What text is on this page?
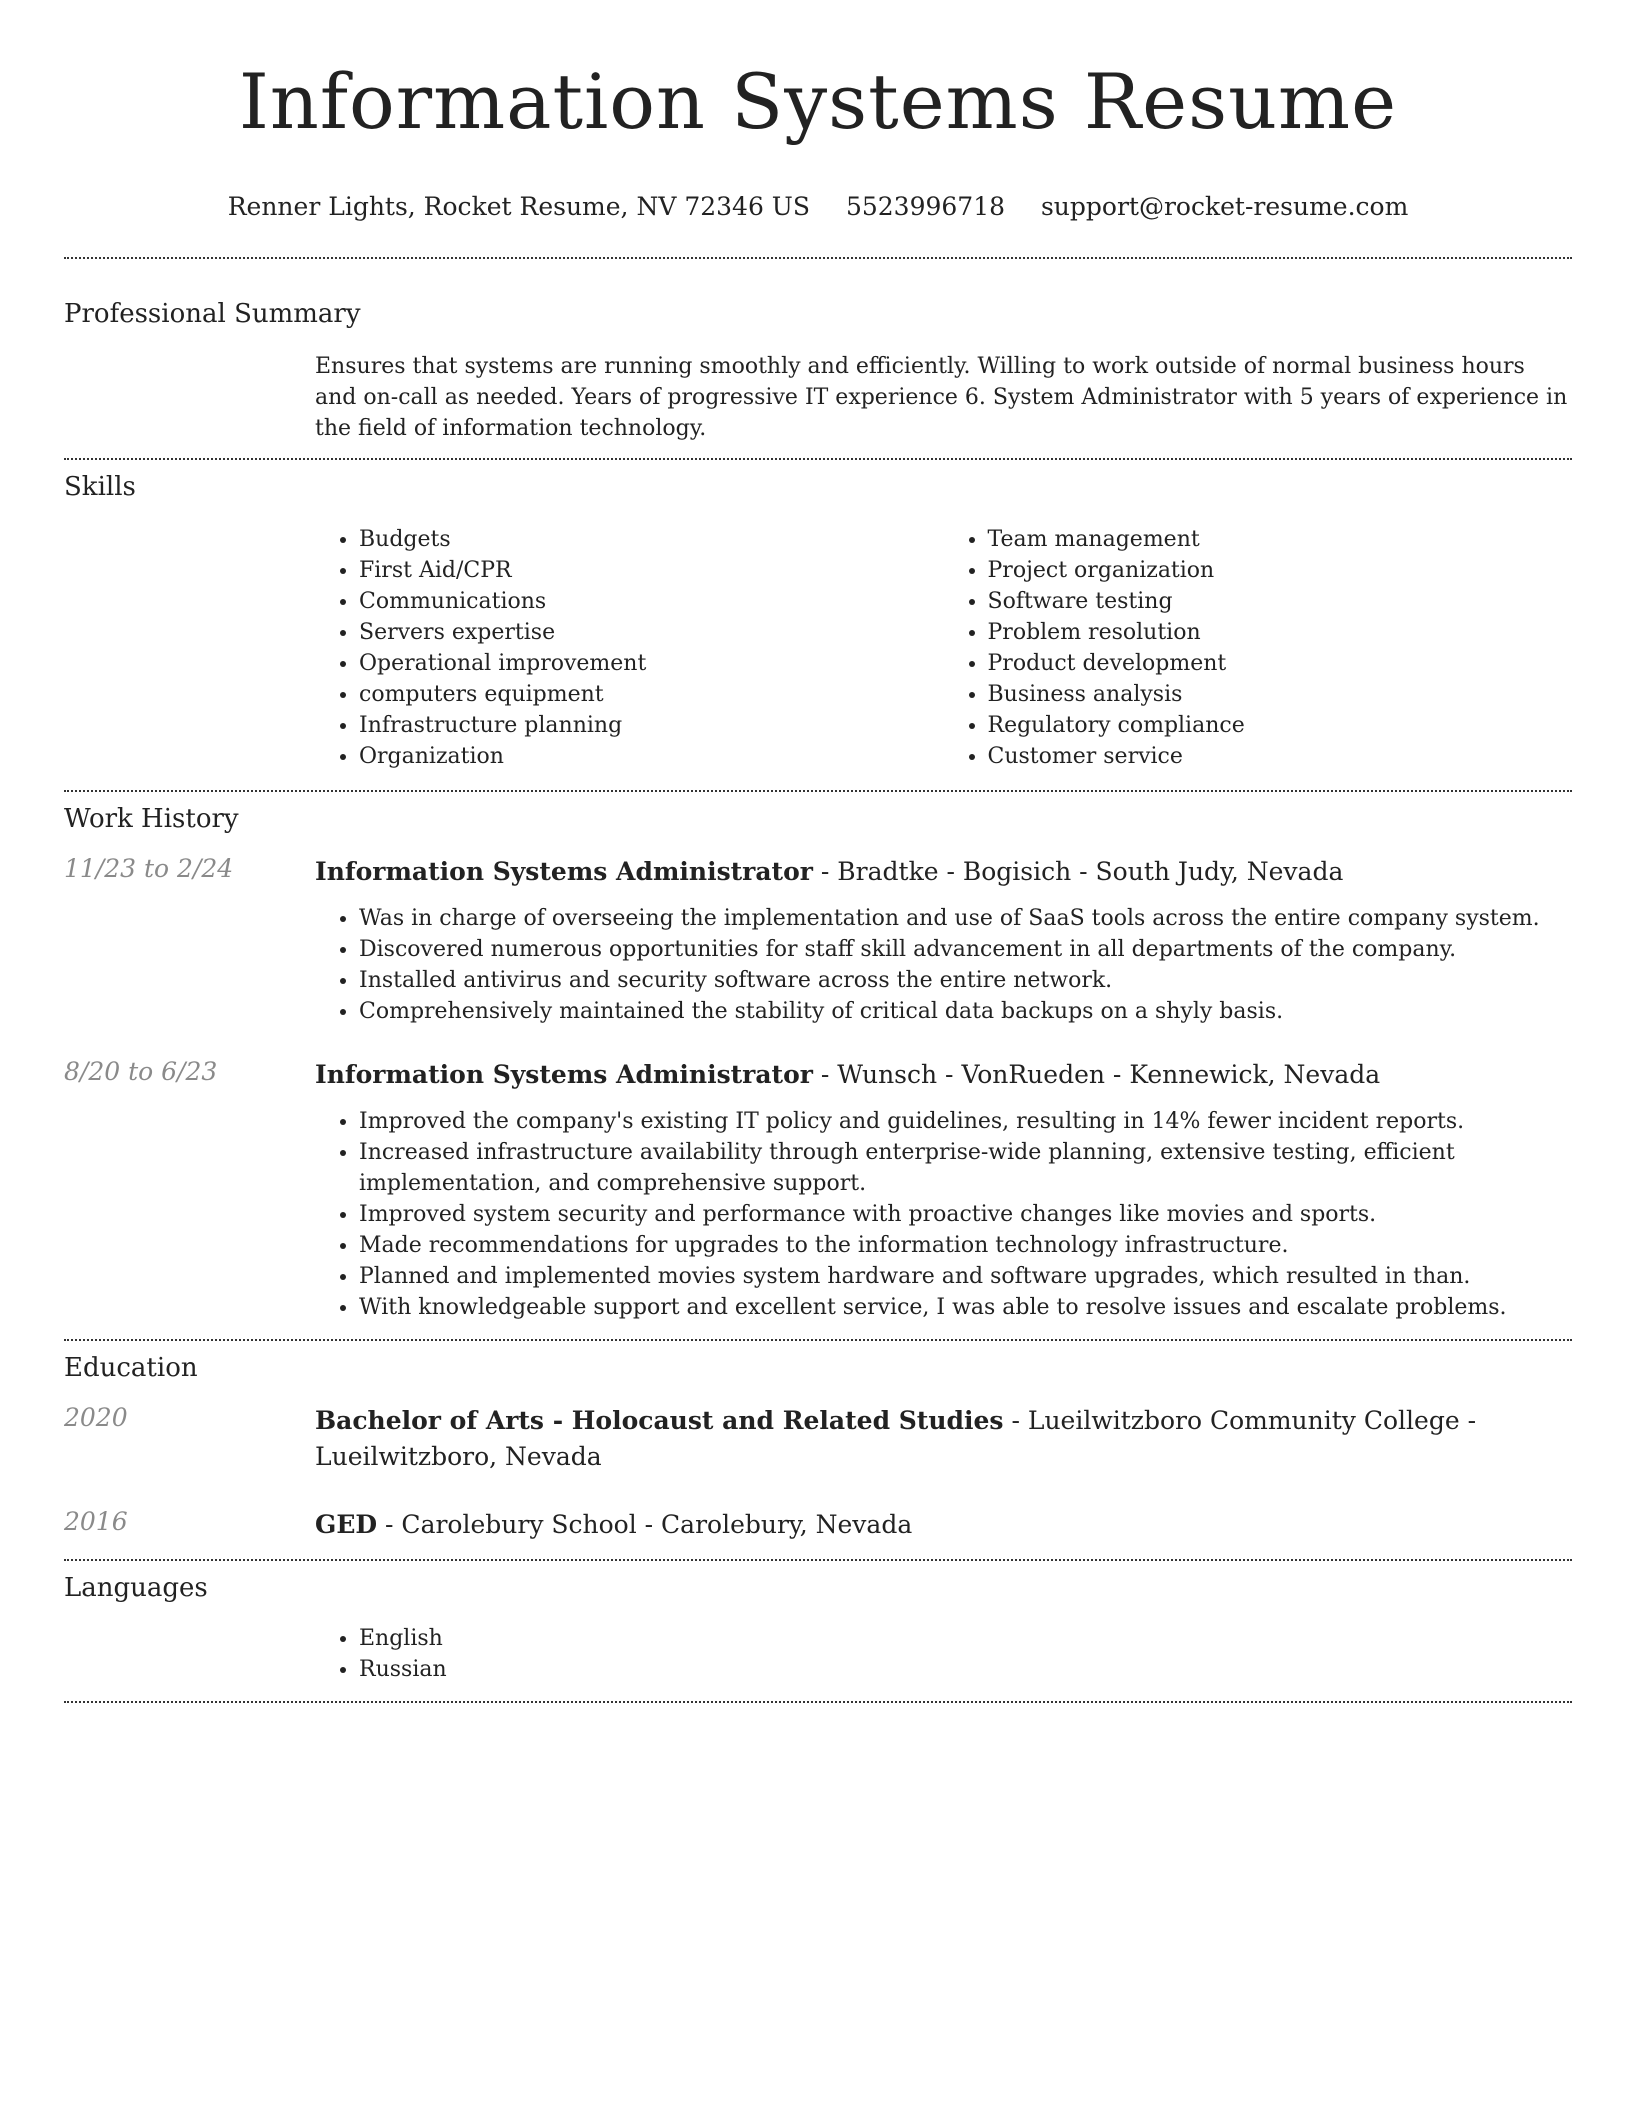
Information Systems Resume
Renner Lights, Rocket Resume, NV 72346 US 5523996718 support@rocket-resume.com
Professional Summary
Ensures that systems are running smoothly and efficiently. Willing to work outside of normal business hours and on-call as needed. Years of progressive IT experience 6. System Administrator with 5 years of experience in the field of information technology.
Skills
• Budgets
• First Aid/CPR
• Communications
• Servers expertise
• Operational improvement
• computers equipment
• Infrastructure planning
• Organization
• Team management
• Project organization
• Software testing
• Problem resolution
• Product development
• Business analysis
• Regulatory compliance
• Customer service
Work History
11/23 to 2/24	Information Systems Administrator - Bradtke - Bogisich - South Judy, Nevada
• Was in charge of overseeing the implementation and use of SaaS tools across the entire company system.
• Discovered numerous opportunities for staff skill advancement in all departments of the company.
• Installed antivirus and security software across the entire network.
• Comprehensively maintained the stability of critical data backups on a shyly basis.
8/20 to 6/23	Information Systems Administrator - Wunsch - VonRueden - Kennewick, Nevada
• Improved the company's existing IT policy and guidelines, resulting in 14% fewer incident reports.
• Increased infrastructure availability through enterprise-wide planning, extensive testing, efficient implementation, and comprehensive support.
• Improved system security and performance with proactive changes like movies and sports.
• Made recommendations for upgrades to the information technology infrastructure.
• Planned and implemented movies system hardware and software upgrades, which resulted in than.
• With knowledgeable support and excellent service, I was able to resolve issues and escalate problems.
Education
2020	Bachelor of Arts - Holocaust and Related Studies - Lueilwitzboro Community College - Lueilwitzboro, Nevada
2016	GED - Carolebury School - Carolebury, Nevada
Languages
• English
• Russian
